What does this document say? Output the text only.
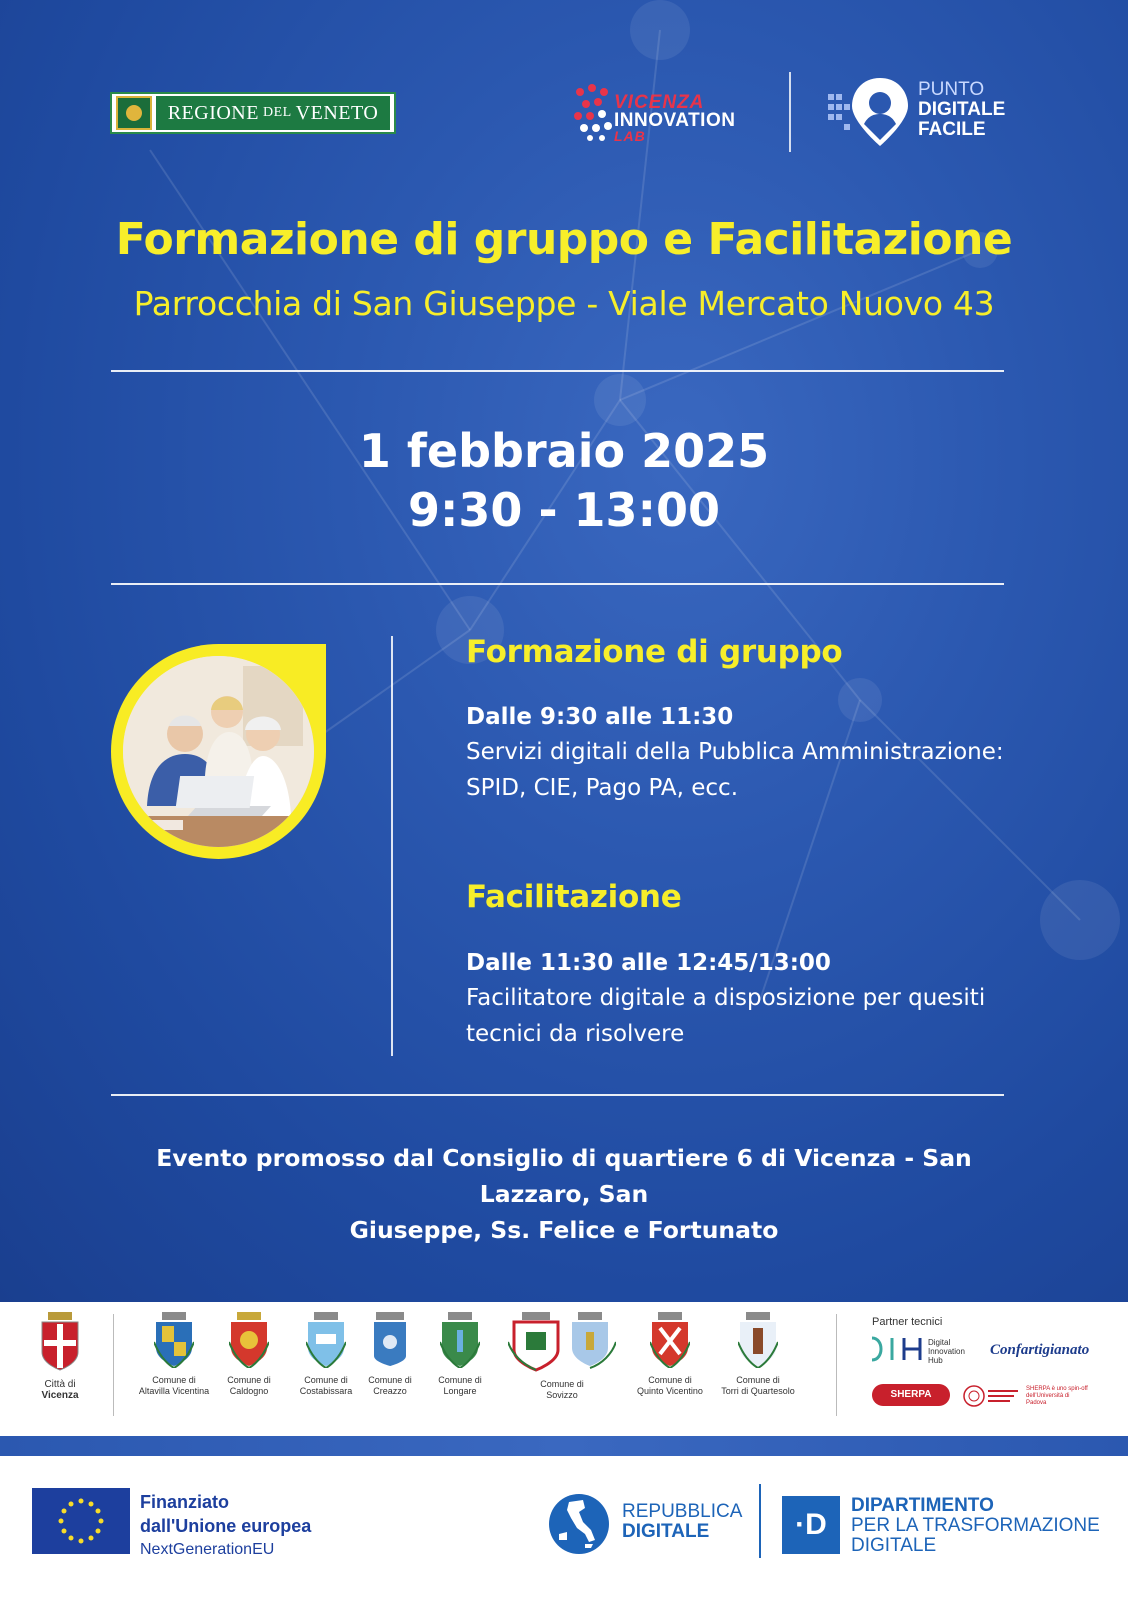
REGIONE DEL VENETO	VICENZA
INNOVATION
LAB
PUNTO
DIGITALE
FACILE
Formazione di gruppo e Facilitazione
Parrocchia di San Giuseppe - Viale Mercato Nuovo 43
1 febbraio 2025
9:30 - 13:00
Formazione di gruppo
Dalle 9:30 alle 11:30
Servizi digitali della Pubblica Amministrazione:
SPID, CIE, Pago PA, ecc.
Facilitazione
Dalle 11:30 alle 12:45/13:00
Facilitatore digitale a disposizione per quesiti
tecnici da risolvere
Evento promosso dal Consiglio di quartiere 6 di Vicenza - San Lazzaro, San
Giuseppe, Ss. Felice e Fortunato
Città di
Vicenza
Comune di
Altavilla Vicentina
Comune di
Caldogno
Comune di
Costabissara
Comune di
Creazzo
Comune di
Longare
Comune di
Sovizzo
Comune di
Quinto Vicentino
Comune di
Torri di Quartesolo
Partner tecnici
Digital Innovation Hub
Confartigianato
SHERPA	SHERPA è uno spin-off dell'Università di Padova
Finanziato
dall'Unione europea
NextGenerationEU
REPUBBLICA
DIGITALE	·D
DIPARTIMENTO
PER LA TRASFORMAZIONE
DIGITALE
